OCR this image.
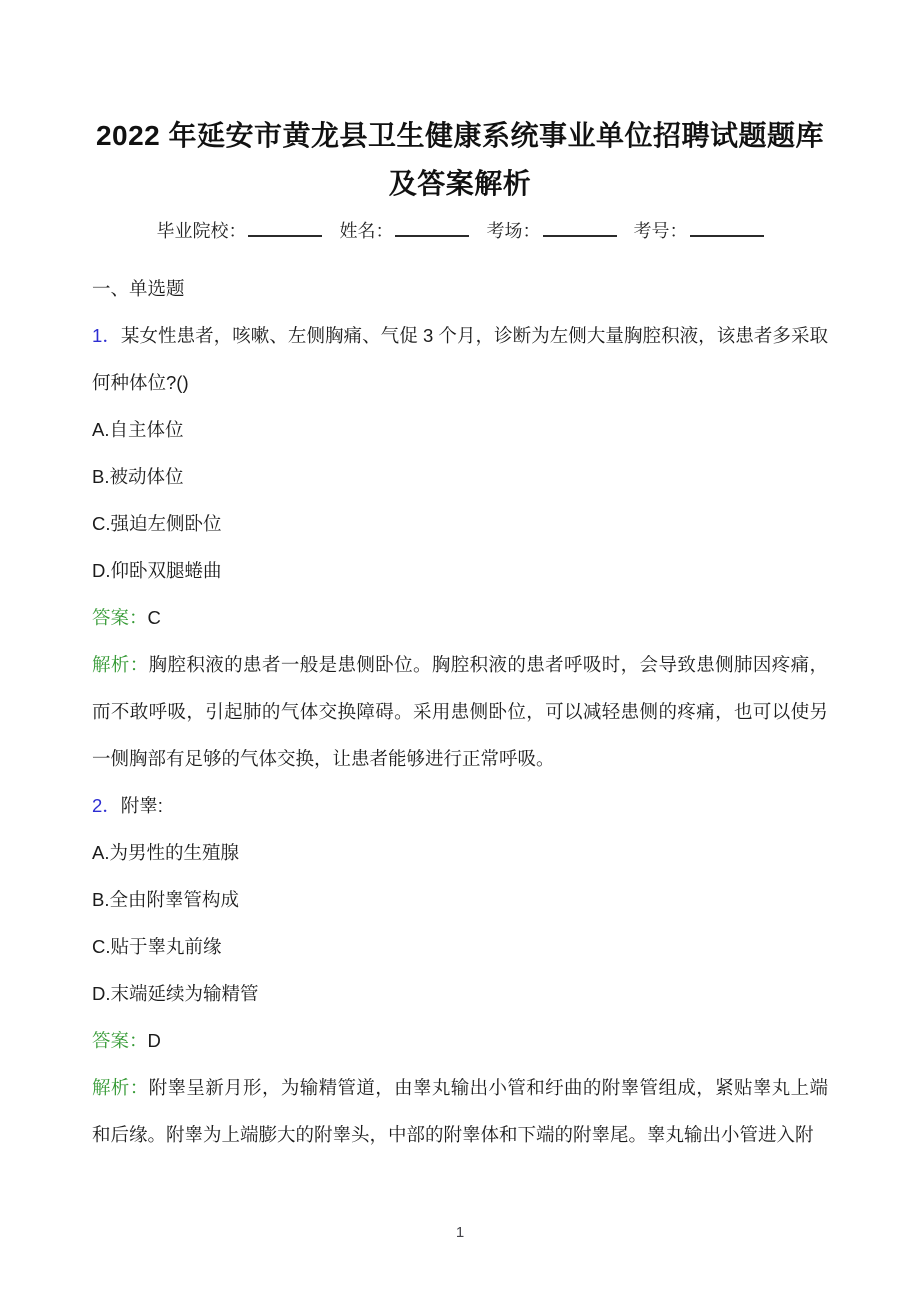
2022 年延安市黄龙县卫生健康系统事业单位招聘试题题库
及答案解析
毕业院校：	姓名：	考场：	考号：
一、单选题

1．某女性患者，咳嗽、左侧胸痛、气促 3 个月，诊断为左侧大量胸腔积液，该患者多采取何种体位?()

A.自主体位

B.被动体位

C.强迫左侧卧位

D.仰卧双腿蜷曲

答案：C

解析：胸腔积液的患者一般是患侧卧位。胸腔积液的患者呼吸时，会导致患侧肺因疼痛，而不敢呼吸，引起肺的气体交换障碍。采用患侧卧位，可以减轻患侧的疼痛，也可以使另一侧胸部有足够的气体交换，让患者能够进行正常呼吸。

2．附睾:

A.为男性的生殖腺

B.全由附睾管构成

C.贴于睾丸前缘

D.末端延续为输精管

答案：D

解析：附睾呈新月形，为输精管道，由睾丸输出小管和纡曲的附睾管组成，紧贴睾丸上端和后缘。附睾为上端膨大的附睾头，中部的附睾体和下端的附睾尾。睾丸输出小管进入附

1
